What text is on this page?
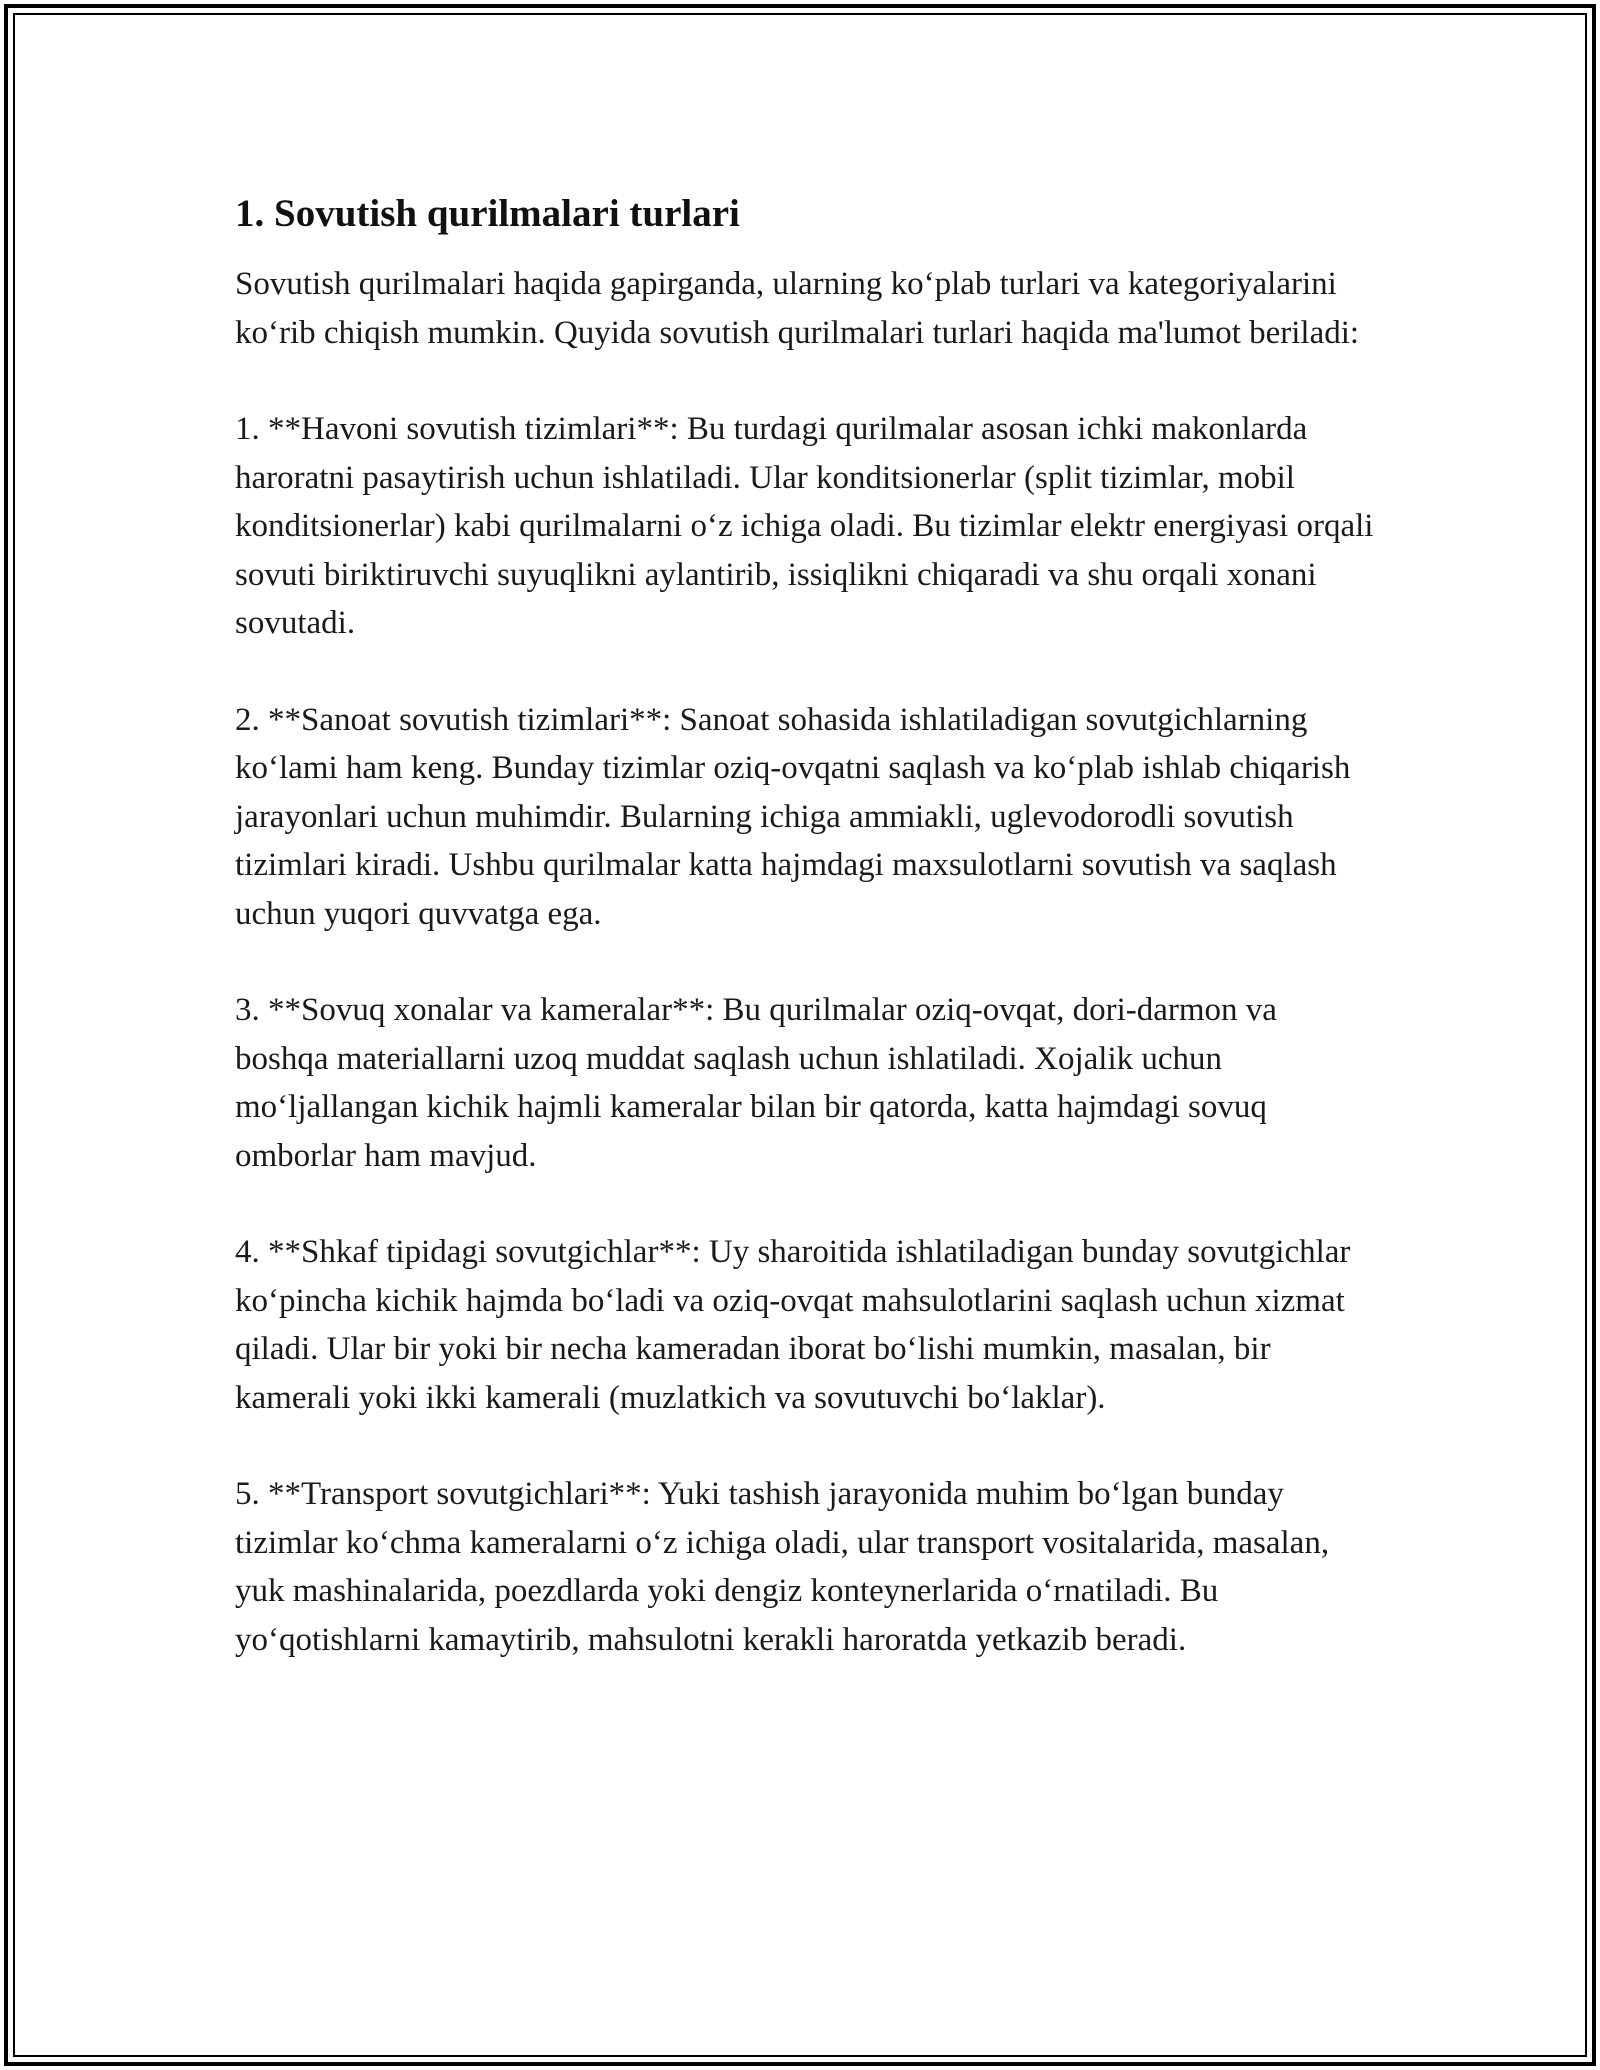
1. Sovutish qurilmalari turlari

Sovutish qurilmalari haqida gapirganda, ularning ko‘plab turlari va kategoriyalarini ko‘rib chiqish mumkin. Quyida sovutish qurilmalari turlari haqida ma'lumot beriladi:

1. **Havoni sovutish tizimlari**: Bu turdagi qurilmalar asosan ichki makonlarda haroratni pasaytirish uchun ishlatiladi. Ular konditsionerlar (split tizimlar, mobil konditsionerlar) kabi qurilmalarni o‘z ichiga oladi. Bu tizimlar elektr energiyasi orqali sovuti biriktiruvchi suyuqlikni aylantirib, issiqlikni chiqaradi va shu orqali xonani sovutadi.

2. **Sanoat sovutish tizimlari**: Sanoat sohasida ishlatiladigan sovutgichlarning ko‘lami ham keng. Bunday tizimlar oziq-ovqatni saqlash va ko‘plab ishlab chiqarish jarayonlari uchun muhimdir. Bularning ichiga ammiakli, uglevodorodli sovutish tizimlari kiradi. Ushbu qurilmalar katta hajmdagi maxsulotlarni sovutish va saqlash uchun yuqori quvvatga ega.

3. **Sovuq xonalar va kameralar**: Bu qurilmalar oziq-ovqat, dori-darmon va boshqa materiallarni uzoq muddat saqlash uchun ishlatiladi. Xojalik uchun mo‘ljallangan kichik hajmli kameralar bilan bir qatorda, katta hajmdagi sovuq omborlar ham mavjud.

4. **Shkaf tipidagi sovutgichlar**: Uy sharoitida ishlatiladigan bunday sovutgichlar ko‘pincha kichik hajmda bo‘ladi va oziq-ovqat mahsulotlarini saqlash uchun xizmat qiladi. Ular bir yoki bir necha kameradan iborat bo‘lishi mumkin, masalan, bir kamerali yoki ikki kamerali (muzlatkich va sovutuvchi bo‘laklar).

5. **Transport sovutgichlari**: Yuki tashish jarayonida muhim bo‘lgan bunday tizimlar ko‘chma kameralarni o‘z ichiga oladi, ular transport vositalarida, masalan, yuk mashinalarida, poezdlarda yoki dengiz konteynerlarida o‘rnatiladi. Bu yo‘qotishlarni kamaytirib, mahsulotni kerakli haroratda yetkazib beradi.
